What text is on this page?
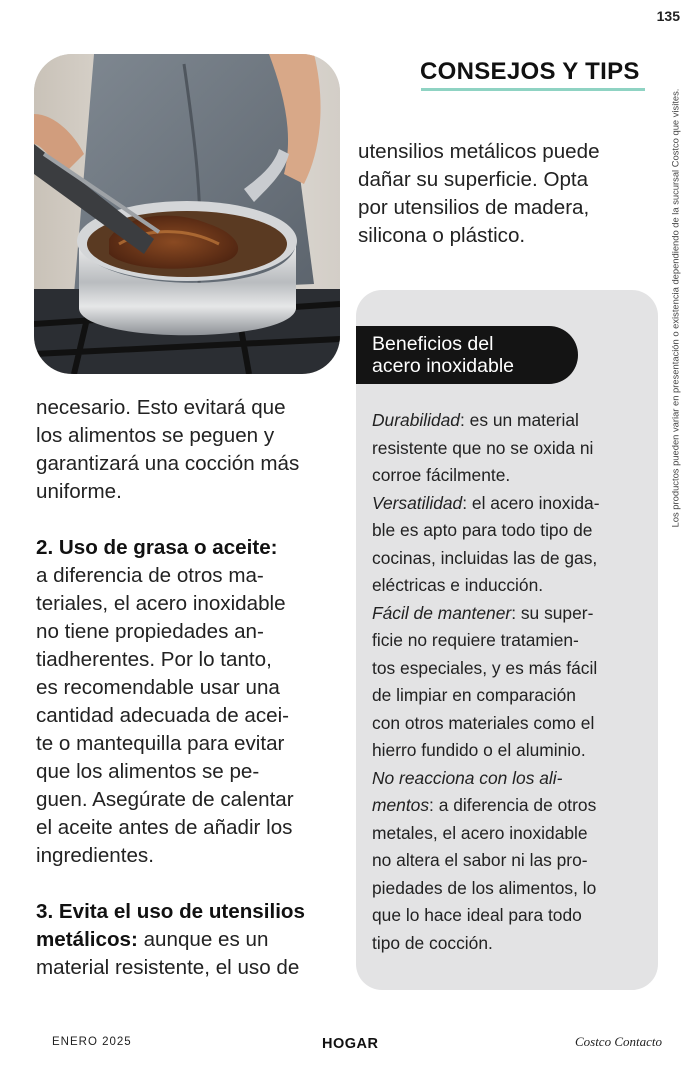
135
CONSEJOS Y TIPS
Los productos pueden variar en presentación o existencia dependiendo de la sucursal Costco que visites.

necesario. Esto evitará que
los alimentos se peguen y
garantizará una cocción más
uniforme.

2. Uso de grasa o aceite:
a diferencia de otros ma-
teriales, el acero inoxidable
no tiene propiedades an-
tiadherentes. Por lo tanto,
es recomendable usar una
cantidad adecuada de acei-
te o mantequilla para evitar
que los alimentos se pe-
guen. Asegúrate de calentar
el aceite antes de añadir los
ingredientes.

3. Evita el uso de utensilios
metálicos: aunque es un
material resistente, el uso de

utensilios metálicos puede
dañar su superficie. Opta
por utensilios de madera,
silicona o plástico.
Beneficios del
acero inoxidable
Durabilidad: es un material
resistente que no se oxida ni
corroe fácilmente.
Versatilidad: el acero inoxida-
ble es apto para todo tipo de
cocinas, incluidas las de gas,
eléctricas e inducción.
Fácil de mantener: su super-
ficie no requiere tratamien-
tos especiales, y es más fácil
de limpiar en comparación
con otros materiales como el
hierro fundido o el aluminio.
No reacciona con los ali-
mentos: a diferencia de otros
metales, el acero inoxidable
no altera el sabor ni las pro-
piedades de los alimentos, lo
que lo hace ideal para todo
tipo de cocción.
ENERO 2025	HOGAR	Costco Contacto
